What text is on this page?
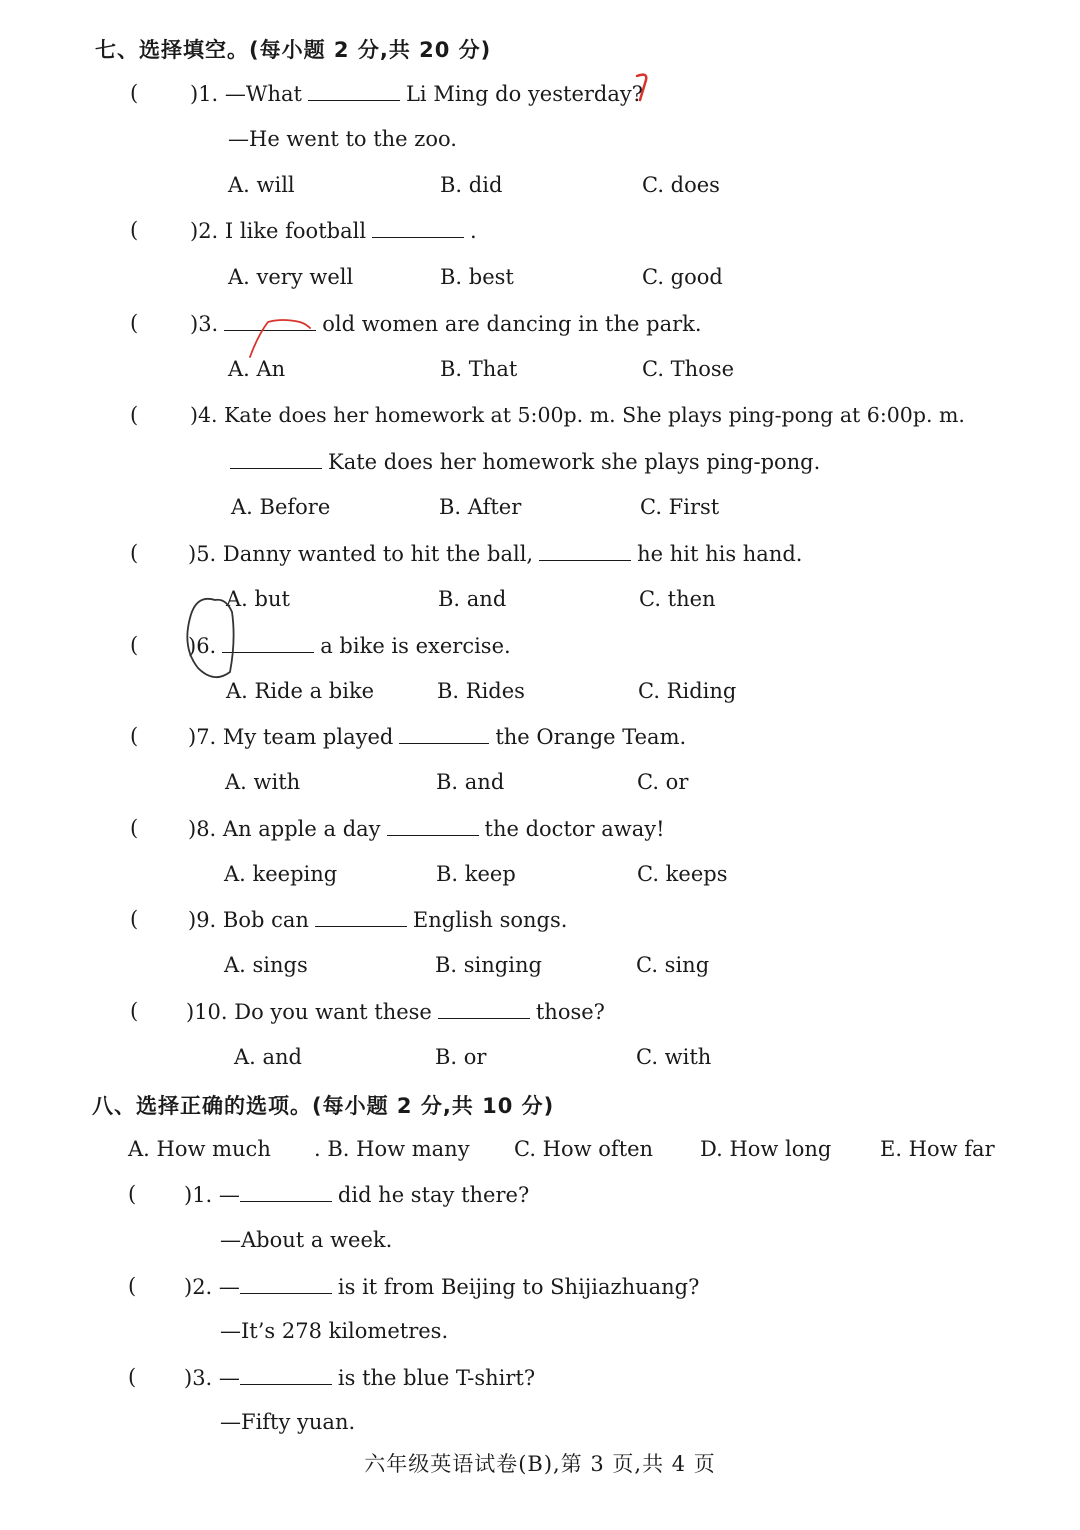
七、选择填空。(每小题 2 分,共 20 分)
( )1. —What	Li Ming do yesterday?
—He went to the zoo.
A. will	B. did	C. does
( )2. I like football	.
A. very well	B. best	C. good
( )3.	old women are dancing in the park.
A. An	B. That	C. Those
(	)4. Kate does her homework at 5:00p. m. She plays ping-pong at 6:00p. m.
Kate does her homework she plays ping-pong.
A. Before	B. After	C. First
( )5. Danny wanted to hit the ball,	he hit his hand.
A. but	B. and	C. then
( )6.	a bike is exercise.
A. Ride a bike	B. Rides	C. Riding
( )7. My team played	the Orange Team.
A. with	B. and	C. or
( )8. An apple a day	the doctor away!
A. keeping	B. keep	C. keeps
( )9. Bob can	English songs.
A. sings	B. singing	C. sing
( )10. Do you want these	those?
A. and	B. or	C. with
八、选择正确的选项。(每小题 2 分,共 10 分)
A. How much . B. How many C. How often D. How long E. How far
( )1. —	did he stay there?
—About a week.
( )2. —	is it from Beijing to Shijiazhuang?
—It’s 278 kilometres.
( )3. —	is the blue T-shirt?
—Fifty yuan.
六年级英语试卷(B),第 3 页,共 4 页
